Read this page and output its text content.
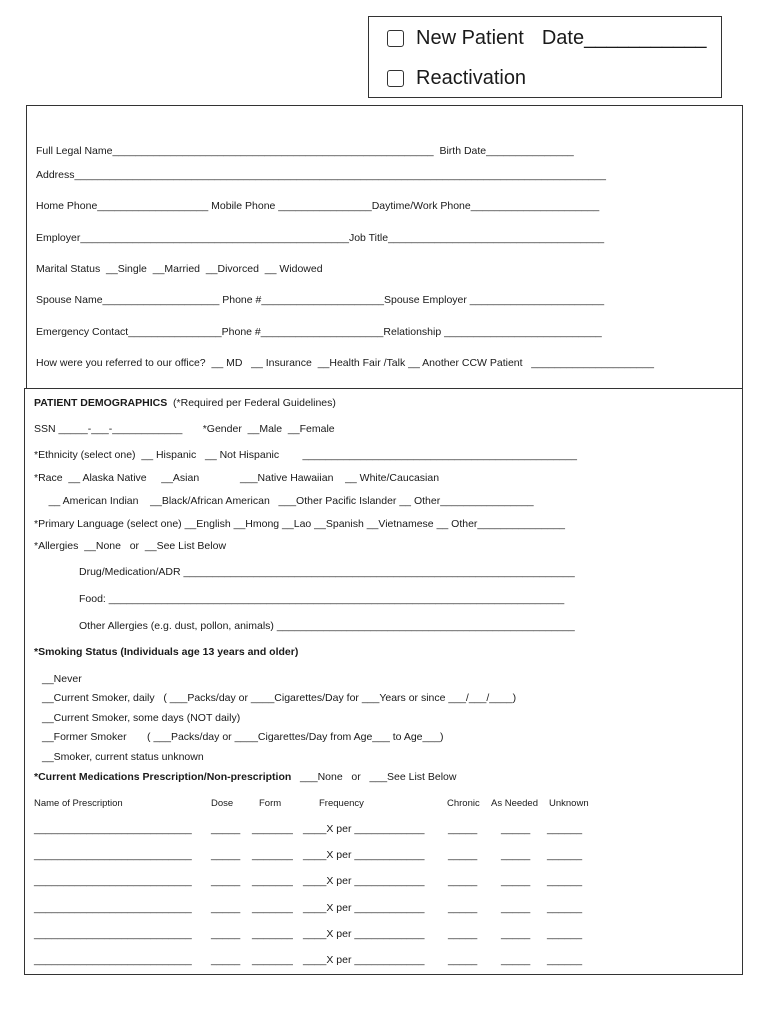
New Patient Date___________
Reactivation
Full Legal Name_______________________________________________________  Birth Date_______________
Address___________________________________________________________________________________________
Home Phone___________________ Mobile Phone ________________Daytime/Work Phone______________________
Employer______________________________________________Job Title_____________________________________
Marital Status  __Single  __Married  __Divorced  __ Widowed
Spouse Name____________________ Phone #_____________________Spouse Employer _______________________
Emergency Contact________________Phone #_____________________Relationship ___________________________
How were you referred to our office?  __ MD   __ Insurance  __Health Fair /Talk __ Another CCW Patient   _____________________
PATIENT DEMOGRAPHICS  (*Required per Federal Guidelines)
SSN _____-___-____________       *Gender  __Male  __Female
*Ethnicity (select one)  __ Hispanic   __ Not Hispanic        _______________________________________________
*Race  __ Alaska Native     __Asian              ___Native Hawaiian    __ White/Caucasian
__ American Indian    __Black/African American   ___Other Pacific Islander __ Other________________
*Primary Language (select one) __English __Hmong __Lao __Spanish __Vietnamese __ Other_______________
*Allergies  __None   or  __See List Below
Drug/Medication/ADR ___________________________________________________________________
Food: ______________________________________________________________________________
Other Allergies (e.g. dust, pollon, animals) ___________________________________________________
*Smoking Status (Individuals age 13 years and older)
__Never
__Current Smoker, daily   ( ___Packs/day or ____Cigarettes/Day for ___Years or since ___/___/____)
__Current Smoker, some days (NOT daily)
__Former Smoker       ( ___Packs/day or ____Cigarettes/Day from Age___ to Age___)
__Smoker, current status unknown
*Current Medications Prescription/Non-prescription   ___None   or   ___See List Below
Name of Prescription	Dose	Form	Frequency	Chronic As Needed Unknown
___________________________ _____ _______ ____X per ____________ _____ _____ ______
___________________________ _____ _______ ____X per ____________ _____ _____ ______
___________________________ _____ _______ ____X per ____________ _____ _____ ______
___________________________ _____ _______ ____X per ____________ _____ _____ ______
___________________________ _____ _______ ____X per ____________ _____ _____ ______
___________________________ _____ _______ ____X per ____________ _____ _____ ______
